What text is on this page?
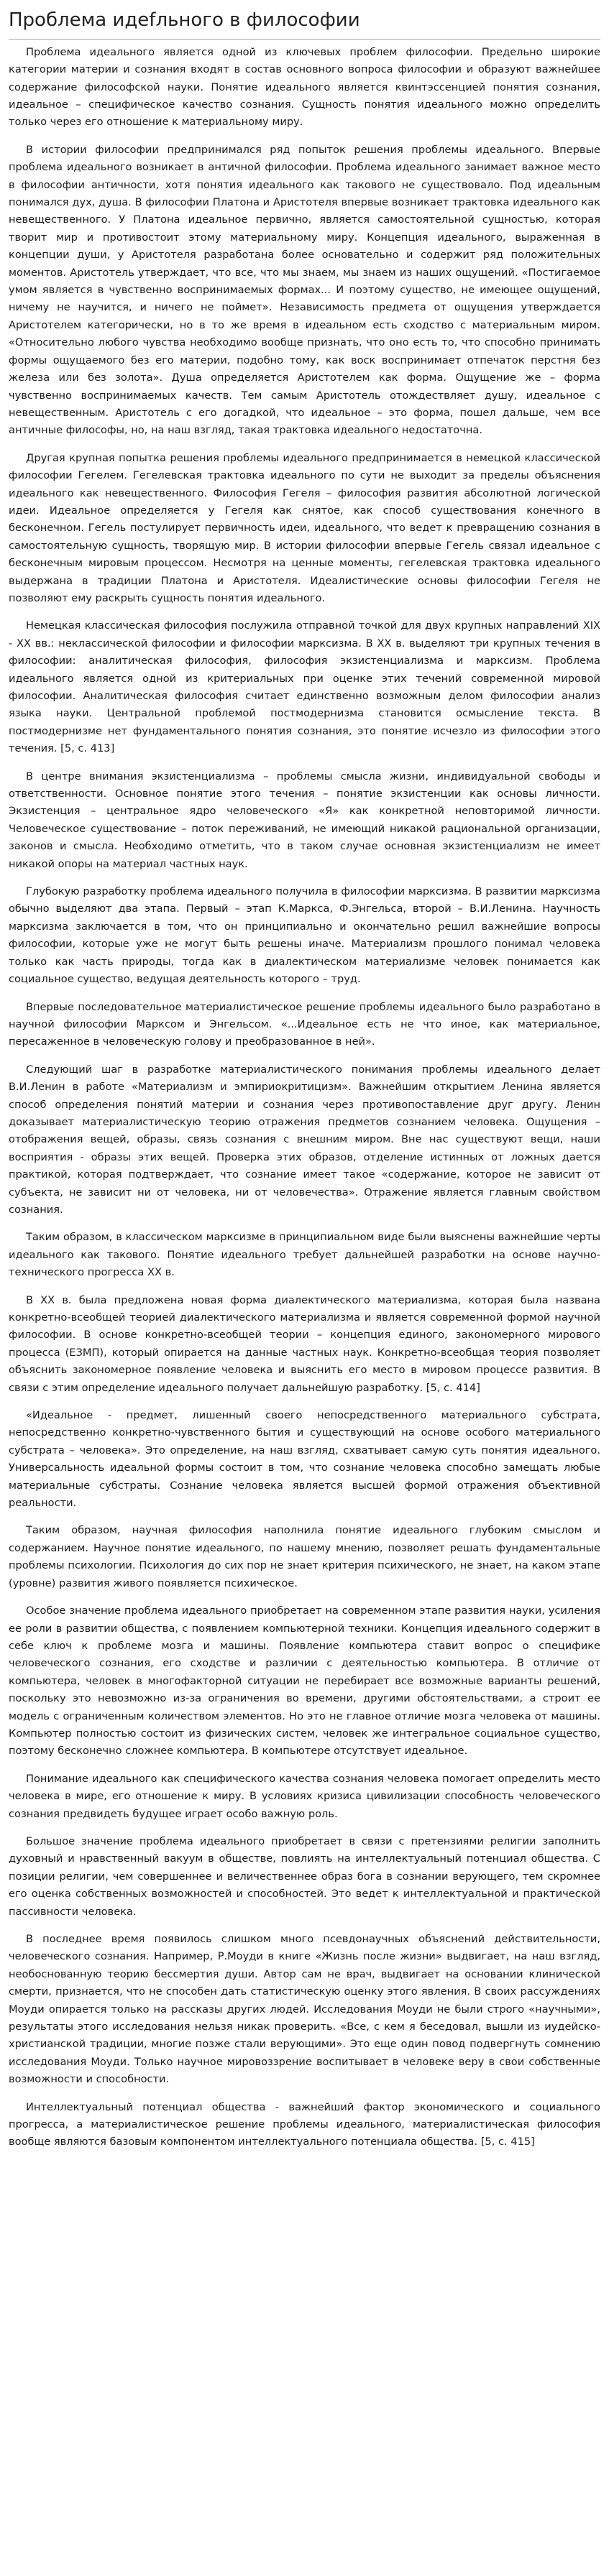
Проблема идеfльного в философии

Проблема идеального является одной из ключевых проблем философии. Предельно широкие категории материи и сознания входят в состав основного вопроса философии и образуют важнейшее содержание философской науки. Понятие идеального является квинтэссенцией понятия сознания, идеальное – специфическое качество сознания. Сущность понятия идеального можно определить только через его отношение к материальному миру.

В истории философии предпринимался ряд попыток решения проблемы идеального. Впервые проблема идеального возникает в античной философии. Проблема идеального занимает важное место в философии античности, хотя понятия идеального как такового не существовало. Под идеальным понимался дух, душа. В философии Платона и Аристотеля впервые возникает трактовка идеального как невещественного. У Платона идеальное первично, является самостоятельной сущностью, которая творит мир и противостоит этому материальному миру. Концепция идеального, выраженная в концепции души, у Аристотеля разработана более основательно и содержит ряд положительных моментов. Аристотель утверждает, что все, что мы знаем, мы знаем из наших ощущений. «Постигаемое умом является в чувственно воспринимаемых формах... И поэтому существо, не имеющее ощущений, ничему не научится, и ничего не поймет». Независимость предмета от ощущения утверждается Аристотелем категорически, но в то же время в идеальном есть сходство с материальным миром. «Относительно любого чувства необходимо вообще признать, что оно есть то, что способно принимать формы ощущаемого без его материи, подобно тому, как воск воспринимает отпечаток перстня без железа или без золота». Душа определяется Аристотелем как форма. Ощущение же – форма чувственно воспринимаемых качеств. Тем самым Аристотель отождествляет душу, идеальное с невещественным. Аристотель с его догадкой, что идеальное – это форма, пошел дальше, чем все античные философы, но, на наш взгляд, такая трактовка идеального недостаточна.

Другая крупная попытка решения проблемы идеального предпринимается в немецкой классической философии Гегелем. Гегелевская трактовка идеального по сути не выходит за пределы объяснения идеального как невещественного. Философия Гегеля – философия развития абсолютной логической идеи. Идеальное определяется у Гегеля как снятое, как способ существования конечного в бесконечном. Гегель постулирует первичность идеи, идеального, что ведет к превращению сознания в самостоятельную сущность, творящую мир. В истории философии впервые Гегель связал идеальное с бесконечным мировым процессом. Несмотря на ценные моменты, гегелевская трактовка идеального выдержана в традиции Платона и Аристотеля. Идеалистические основы философии Гегеля не позволяют ему раскрыть сущность понятия идеального.

Немецкая классическая философия послужила отправной точкой для двух крупных направлений XIX - XX вв.: неклассической философии и философии марксизма. В XX в. выделяют три крупных течения в философии: аналитическая философия, философия экзистенциализма и марксизм. Проблема идеального является одной из критериальных при оценке этих течений современной мировой философии. Аналитическая философия считает единственно возможным делом философии анализ языка науки. Центральной проблемой постмодернизма становится осмысление текста. В постмодернизме нет фундаментального понятия сознания, это понятие исчезло из философии этого течения. [5, с. 413]

В центре внимания экзистенциализма – проблемы смысла жизни, индивидуальной свободы и ответственности. Основное понятие этого течения – понятие экзистенции как основы личности. Экзистенция – центральное ядро человеческого «Я» как конкретной неповторимой личности. Человеческое существование – поток переживаний, не имеющий никакой рациональной организации, законов и смысла. Необходимо отметить, что в таком случае основная экзистенциализм не имеет никакой опоры на материал частных наук.

Глубокую разработку проблема идеального получила в философии марксизма. В развитии марксизма обычно выделяют два этапа. Первый – этап К.Маркса, Ф.Энгельса, второй – В.И.Ленина. Научность марксизма заключается в том, что он принципиально и окончательно решил важнейшие вопросы философии, которые уже не могут быть решены иначе. Материализм прошлого понимал человека только как часть природы, тогда как в диалектическом материализме человек понимается как социальное существо, ведущая деятельность которого – труд.

Впервые последовательное материалистическое решение проблемы идеального было разработано в научной философии Марксом и Энгельсом. «...Идеальное есть не что иное, как материальное, пересаженное в человеческую голову и преобразованное в ней».

Следующий шаг в разработке материалистического понимания проблемы идеального делает В.И.Ленин в работе «Материализм и эмпириокритицизм». Важнейшим открытием Ленина является способ определения понятий материи и сознания через противопоставление друг другу. Ленин доказывает материалистическую теорию отражения предметов сознанием человека. Ощущения – отображения вещей, образы, связь сознания с внешним миром. Вне нас существуют вещи, наши восприятия - образы этих вещей. Проверка этих образов, отделение истинных от ложных дается практикой, которая подтверждает, что сознание имеет такое «содержание, которое не зависит от субъекта, не зависит ни от человека, ни от человечества». Отражение является главным свойством сознания.

Таким образом, в классическом марксизме в принципиальном виде были выяснены важнейшие черты идеального как такового. Понятие идеального требует дальнейшей разработки на основе научно-технического прогресса XX в.

В XX в. была предложена новая форма диалектического материализма, которая была названа конкретно-всеобщей теорией диалектического материализма и является современной формой научной философии. В основе конкретно-всеобщей теории – концепция единого, закономерного мирового процесса (ЕЗМП), который опирается на данные частных наук. Конкретно-всеобщая теория позволяет объяснить закономерное появление человека и выяснить его место в мировом процессе развития. В связи с этим определение идеального получает дальнейшую разработку. [5, с. 414]

«Идеальное - предмет, лишенный своего непосредственного материального субстрата, непосредственно конкретно-чувственного бытия и существующий на основе особого материального субстрата – человека». Это определение, на наш взгляд, схватывает самую суть понятия идеального. Универсальность идеальной формы состоит в том, что сознание человека способно замещать любые материальные субстраты. Сознание человека является высшей формой отражения объективной реальности.

Таким образом, научная философия наполнила понятие идеального глубоким смыслом и содержанием. Научное понятие идеального, по нашему мнению, позволяет решать фундаментальные проблемы психологии. Психология до сих пор не знает критерия психического, не знает, на каком этапе (уровне) развития живого появляется психическое.

Особое значение проблема идеального приобретает на современном этапе развития науки, усиления ее роли в развитии общества, с появлением компьютерной техники. Концепция идеального содержит в себе ключ к проблеме мозга и машины. Появление компьютера ставит вопрос о специфике человеческого сознания, его сходстве и различии с деятельностью компьютера. В отличие от компьютера, человек в многофакторной ситуации не перебирает все возможные варианты решений, поскольку это невозможно из-за ограничения во времени, другими обстоятельствами, а строит ее модель с ограниченным количеством элементов. Но это не главное отличие мозга человека от машины. Компьютер полностью состоит из физических систем, человек же интегральное социальное существо, поэтому бесконечно сложнее компьютера. В компьютере отсутствует идеальное.

Понимание идеального как специфического качества сознания человека помогает определить место человека в мире, его отношение к миру. В условиях кризиса цивилизации способность человеческого сознания предвидеть будущее играет особо важную роль.

Большое значение проблема идеального приобретает в связи с претензиями религии заполнить духовный и нравственный вакуум в обществе, повлиять на интеллектуальный потенциал общества. С позиции религии, чем совершеннее и величественнее образ бога в сознании верующего, тем скромнее его оценка собственных возможностей и способностей. Это ведет к интеллектуальной и практической пассивности человека.

В последнее время появилось слишком много псевдонаучных объяснений действительности, человеческого сознания. Например, Р.Моуди в книге «Жизнь после жизни» выдвигает, на наш взгляд, необоснованную теорию бессмертия души. Автор сам не врач, выдвигает на основании клинической смерти, признается, что не способен дать статистическую оценку этого явления. В своих рассуждениях Моуди опирается только на рассказы других людей. Исследования Моуди не были строго «научными», результаты этого исследования нельзя никак проверить. «Все, с кем я беседовал, вышли из иудейско-христианской традиции, многие позже стали верующими». Это еще один повод подвергнуть сомнению исследования Моуди. Только научное мировоззрение воспитывает в человеке веру в свои собственные возможности и способности.

Интеллектуальный потенциал общества - важнейший фактор экономического и социального прогресса, а материалистическое решение проблемы идеального, материалистическая философия вообще являются базовым компонентом интеллектуального потенциала общества. [5, с. 415]
